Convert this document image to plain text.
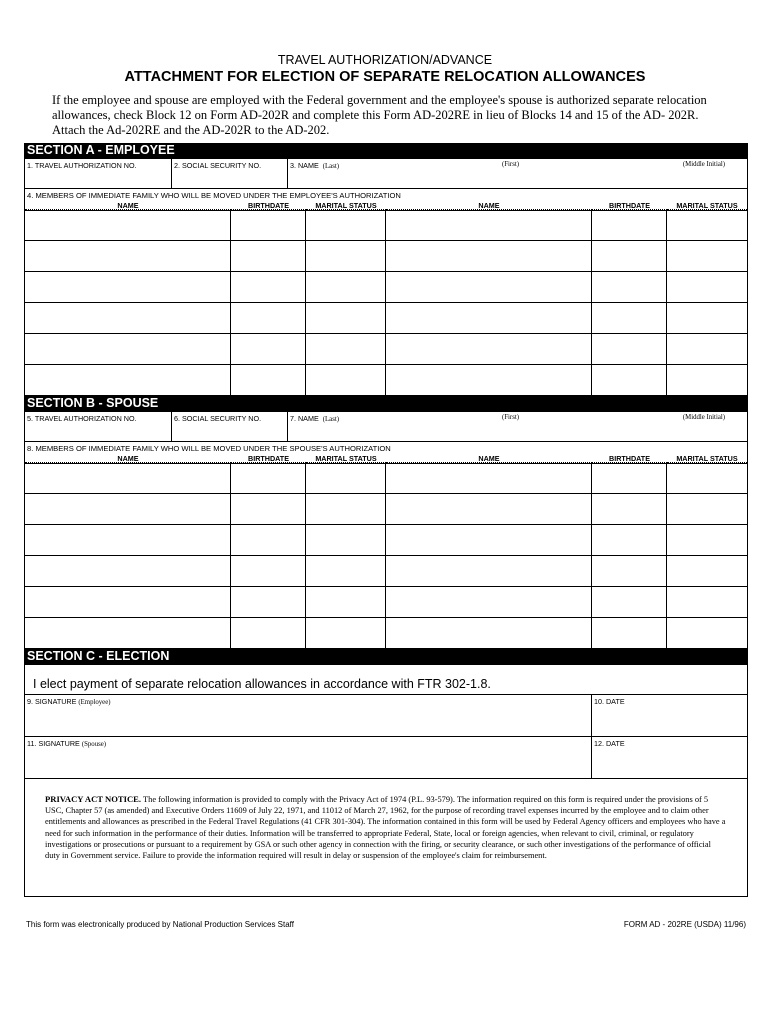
TRAVEL AUTHORIZATION/ADVANCE
ATTACHMENT FOR ELECTION OF SEPARATE RELOCATION ALLOWANCES
If the employee and spouse are employed with the Federal government and the employee's spouse is authorized separate relocation allowances, check Block 12 on Form AD-202R and complete this Form AD-202RE in lieu of Blocks 14 and 15 of the AD- 202R. Attach the Ad-202RE and the AD-202R to the AD-202.
SECTION A - EMPLOYEE
1. TRAVEL AUTHORIZATION NO.	2. SOCIAL SECURITY NO.	3. NAME (Last)	(First)	(Middle Initial)
4. MEMBERS OF IMMEDIATE FAMILY WHO WILL BE MOVED UNDER THE EMPLOYEE'S AUTHORIZATION
NAME	BIRTHDATE	MARITAL STATUS	NAME	BIRTHDATE	MARITAL STATUS
SECTION B - SPOUSE
5. TRAVEL AUTHORIZATION NO.	6. SOCIAL SECURITY NO.	7. NAME (Last)	(First)	(Middle Initial)
8. MEMBERS OF IMMEDIATE FAMILY WHO WILL BE MOVED UNDER THE SPOUSE'S AUTHORIZATION
NAME	BIRTHDATE	MARITAL STATUS	NAME	BIRTHDATE	MARITAL STATUS
SECTION C - ELECTION
I elect payment of separate relocation allowances in accordance with FTR 302-1.8.
9. SIGNATURE (Employee)	10. DATE
11. SIGNATURE (Spouse)	12. DATE
PRIVACY ACT NOTICE. The following information is provided to comply with the Privacy Act of 1974 (P.L. 93-579). The information required on this form is required under the provisions of 5 USC, Chapter 57 (as amended) and Executive Orders 11609 of July 22, 1971, and 11012 of March 27, 1962, for the purpose of recording travel expenses incurred by the employee and to claim other entitlements and allowances as prescribed in the Federal Travel Regulations (41 CFR 301-304). The information contained in this form will be used by Federal Agency officers and employees who have a need for such information in the performance of their duties. Information will be transferred to appropriate Federal, State, local or foreign agencies, when relevant to civil, criminal, or regulatory investigations or prosecutions or pursuant to a requirement by GSA or such other agency in connection with the firing, or security clearance, or such other investigations of the performance of official duty in Government service. Failure to provide the information required will result in delay or suspension of the employee's claim for reimbursement.
This form was electronically produced by National Production Services Staff	FORM AD - 202RE (USDA) 11/96)
